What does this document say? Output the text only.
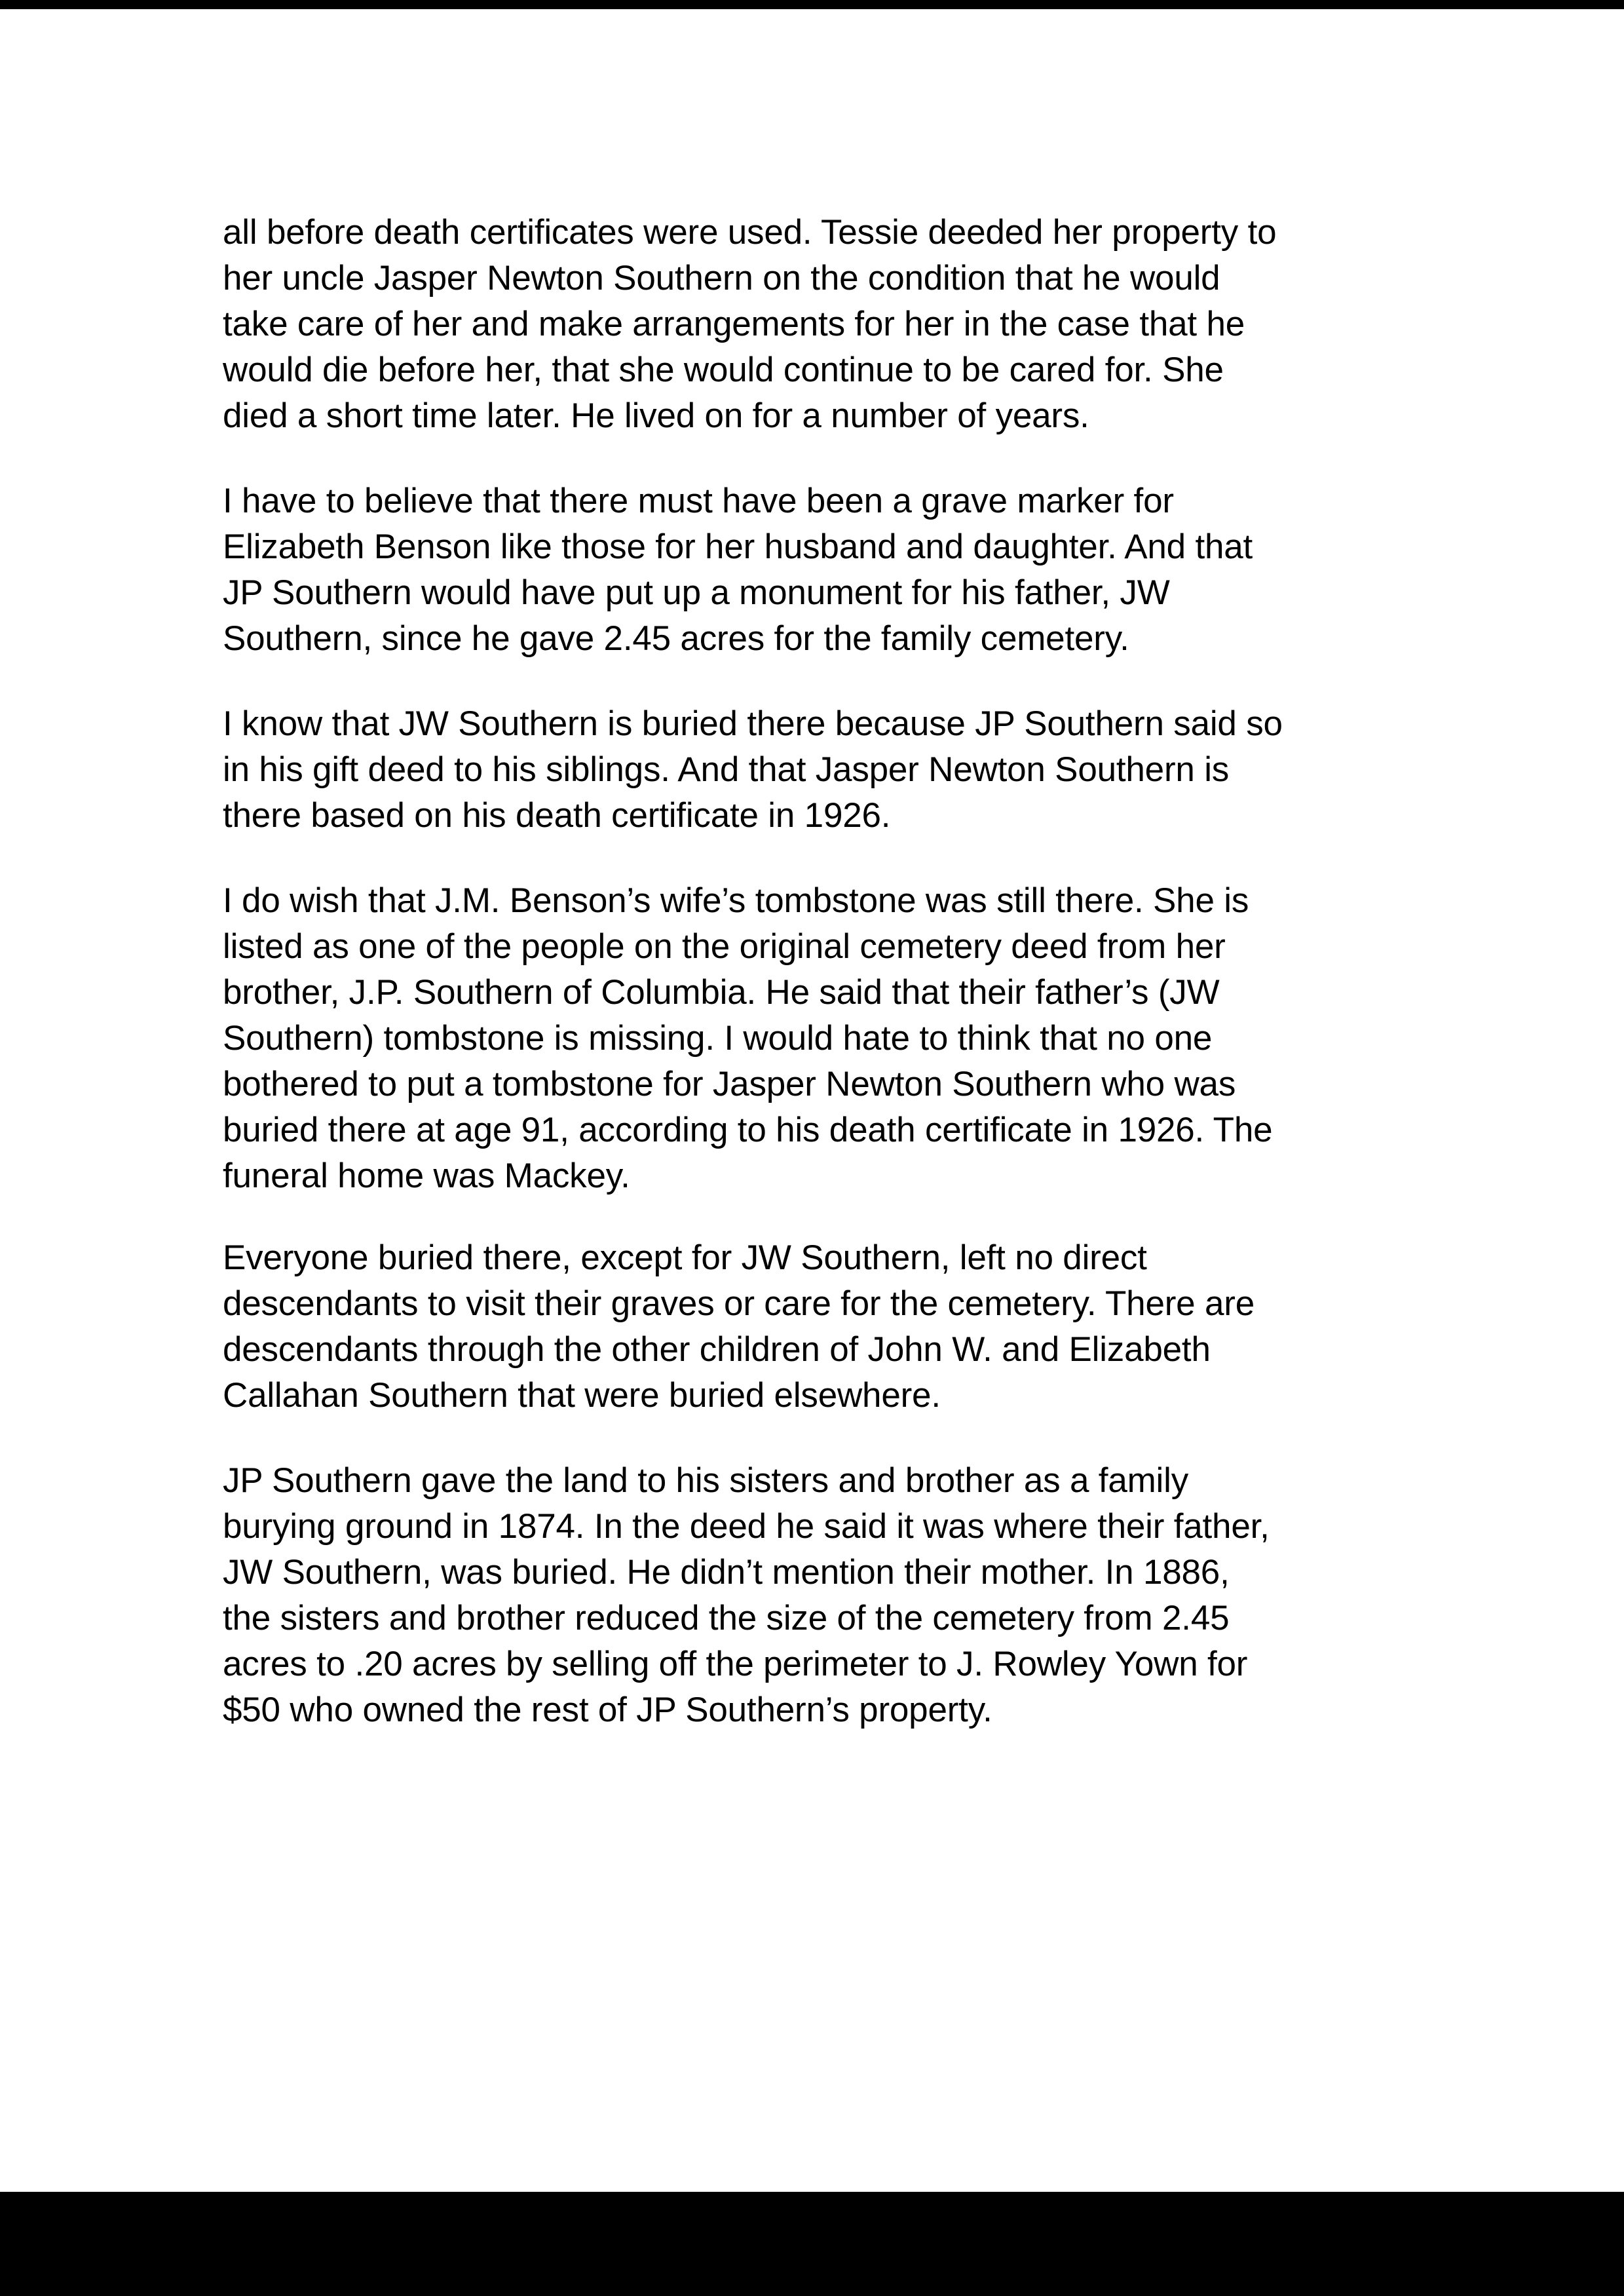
all before death certificates were used. Tessie deeded her property to
her uncle Jasper Newton Southern on the condition that he would
take care of her and make arrangements for her in the case that he
would die before her, that she would continue to be cared for. She
died a short time later. He lived on for a number of years.
I have to believe that there must have been a grave marker for
Elizabeth Benson like those for her husband and daughter. And that
JP Southern would have put up a monument for his father, JW
Southern, since he gave 2.45 acres for the family cemetery.
I know that JW Southern is buried there because JP Southern said so
in his gift deed to his siblings. And that Jasper Newton Southern is
there based on his death certificate in 1926.
I do wish that J.M. Benson’s wife’s tombstone was still there. She is
listed as one of the people on the original cemetery deed from her
brother, J.P. Southern of Columbia. He said that their father’s (JW
Southern) tombstone is missing. I would hate to think that no one
bothered to put a tombstone for Jasper Newton Southern who was
buried there at age 91, according to his death certificate in 1926. The
funeral home was Mackey.
Everyone buried there, except for JW Southern, left no direct
descendants to visit their graves or care for the cemetery. There are
descendants through the other children of John W. and Elizabeth
Callahan Southern that were buried elsewhere.
JP Southern gave the land to his sisters and brother as a family
burying ground in 1874. In the deed he said it was where their father,
JW Southern, was buried. He didn’t mention their mother. In 1886,
the sisters and brother reduced the size of the cemetery from 2.45
acres to .20 acres by selling off the perimeter to J. Rowley Yown for
$50 who owned the rest of JP Southern’s property.
